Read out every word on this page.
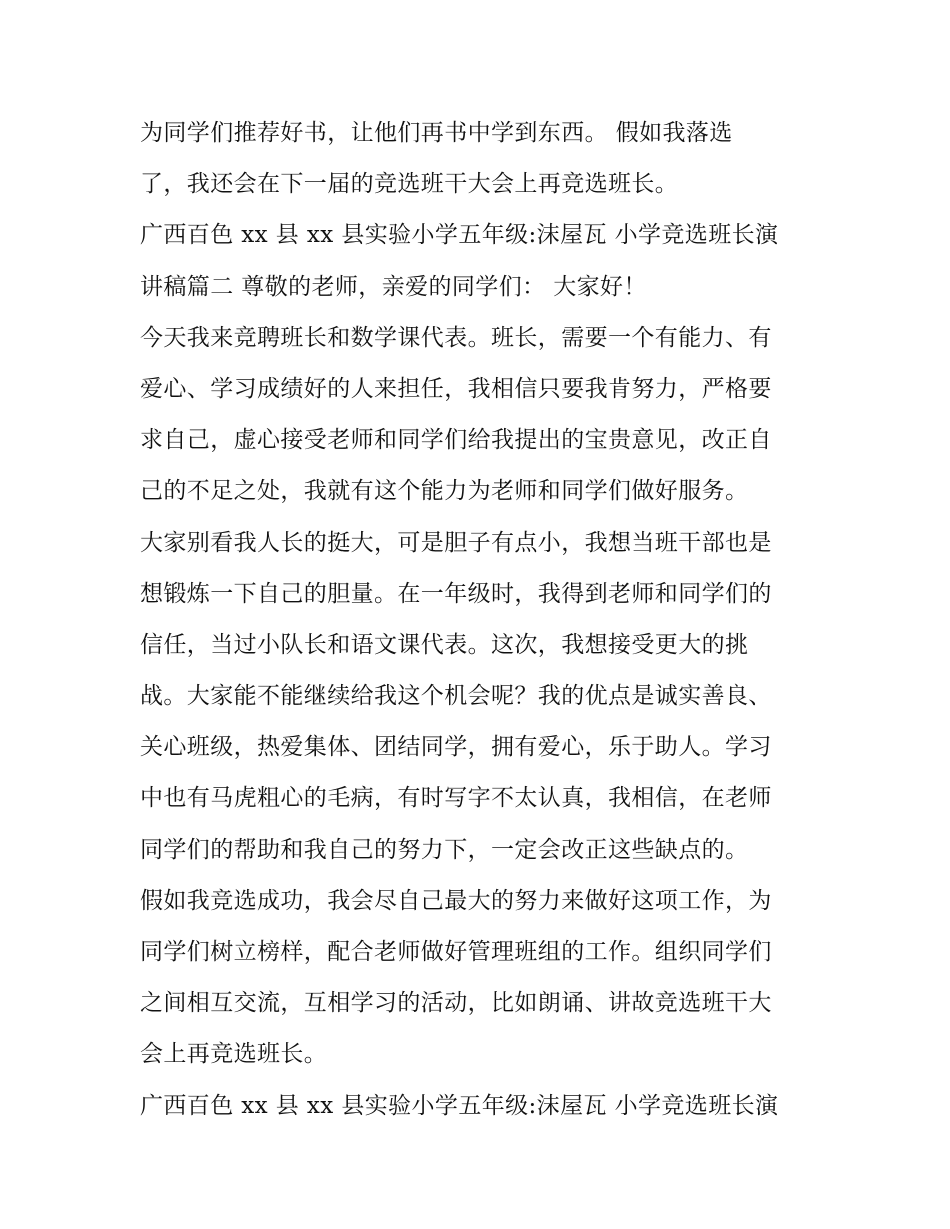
为同学们推荐好书，让他们再书中学到东西。 假如我落选
了，我还会在下一届的竞选班干大会上再竞选班长。
广西百色 xx 县 xx 县实验小学五年级:沫屋瓦 小学竞选班长演
讲稿篇二 尊敬的老师，亲爱的同学们： 大家好！
今天我来竞聘班长和数学课代表。班长，需要一个有能力、有
爱心、学习成绩好的人来担任，我相信只要我肯努力，严格要
求自己，虚心接受老师和同学们给我提出的宝贵意见，改正自
己的不足之处，我就有这个能力为老师和同学们做好服务。
大家别看我人长的挺大，可是胆子有点小，我想当班干部也是
想锻炼一下自己的胆量。在一年级时，我得到老师和同学们的
信任，当过小队长和语文课代表。这次，我想接受更大的挑
战。大家能不能继续给我这个机会呢？我的优点是诚实善良、
关心班级，热爱集体、团结同学，拥有爱心，乐于助人。学习
中也有马虎粗心的毛病，有时写字不太认真，我相信，在老师
同学们的帮助和我自己的努力下，一定会改正这些缺点的。
假如我竞选成功，我会尽自己最大的努力来做好这项工作，为
同学们树立榜样，配合老师做好管理班组的工作。组织同学们
之间相互交流，互相学习的活动，比如朗诵、讲故竞选班干大
会上再竞选班长。
广西百色 xx 县 xx 县实验小学五年级:沫屋瓦 小学竞选班长演
